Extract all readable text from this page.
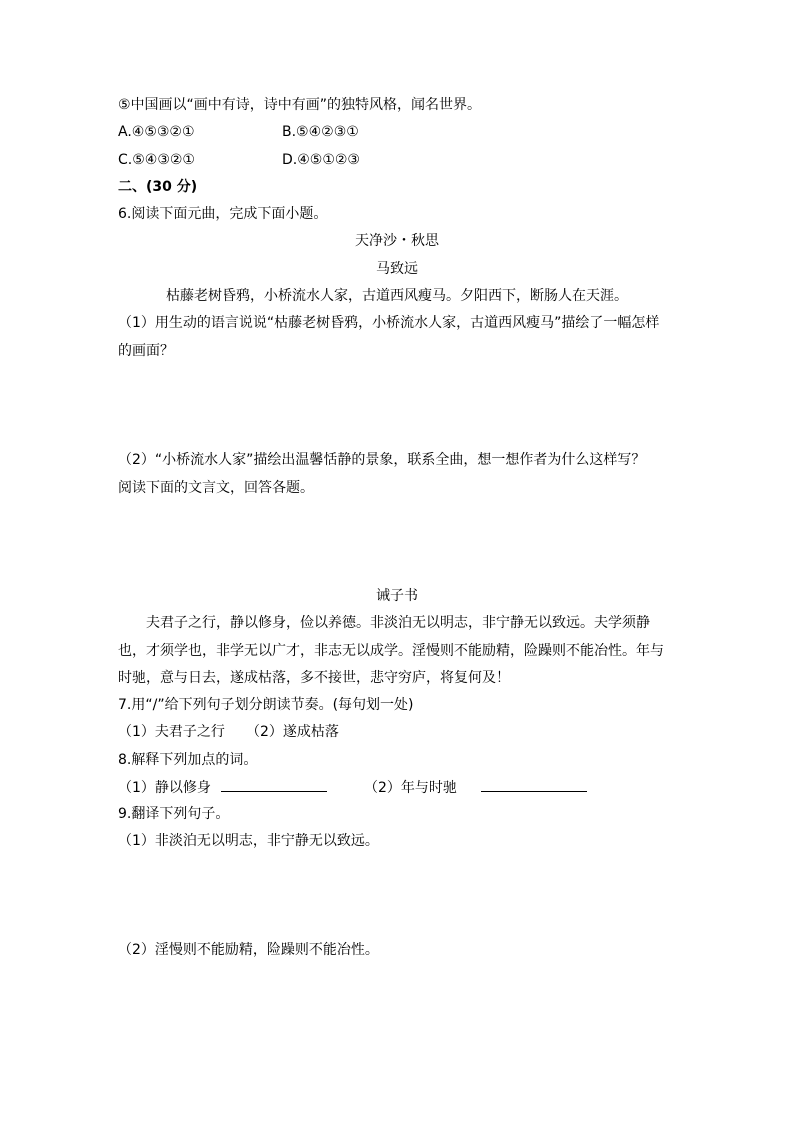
⑤中国画以“画中有诗，诗中有画”的独特风格，闻名世界。
A.④⑤③②①	B.⑤④②③①
C.⑤④③②①	D.④⑤①②③
二、(30 分)
6.阅读下面元曲，完成下面小题。
天净沙・秋思
马致远
枯藤老树昏鸦，小桥流水人家，古道西风瘦马。夕阳西下，断肠人在天涯。
（1）用生动的语言说说“枯藤老树昏鸦，小桥流水人家，古道西风瘦马”描绘了一幅怎样
的画面？
（2）“小桥流水人家”描绘出温馨恬静的景象，联系全曲，想一想作者为什么这样写？
阅读下面的文言文，回答各题。
诫子书
夫君子之行，静以修身，俭以养德。非淡泊无以明志，非宁静无以致远。夫学须静
也，才须学也，非学无以广才，非志无以成学。淫慢则不能励精，险躁则不能冶性。年与
时驰，意与日去，遂成枯落，多不接世，悲守穷庐，将复何及！
7.用“/”给下列句子划分朗读节奏。(每句划一处)
（1）夫君子之行 （2）遂成枯落
8.解释下列加点的词。
（1）静以修身	（2）年与时驰
9.翻译下列句子。
（1）非淡泊无以明志，非宁静无以致远。
（2）淫慢则不能励精，险躁则不能冶性。
